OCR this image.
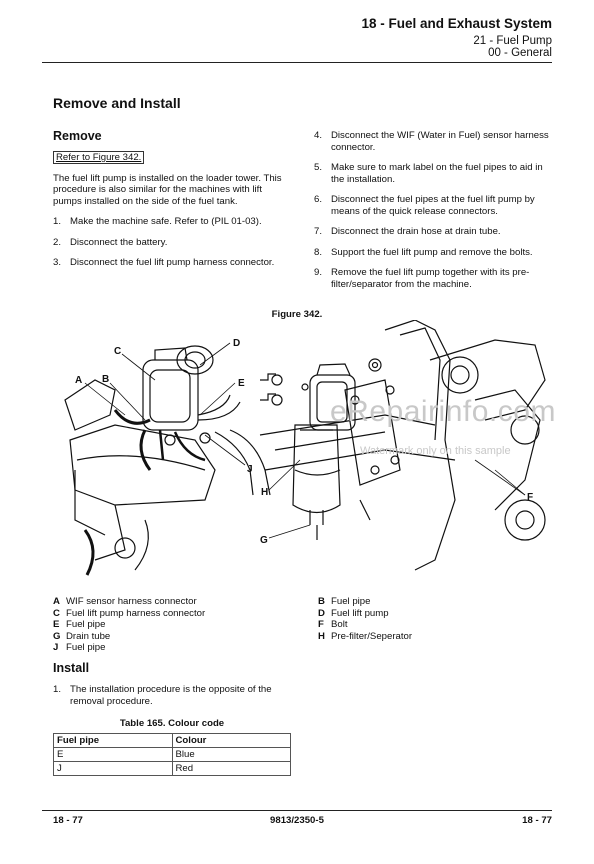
18 - Fuel and Exhaust System
21 - Fuel Pump
00 - General
Remove and Install
Remove
Refer to Figure 342.
The fuel lift pump is installed on the loader tower. This procedure is also similar for the machines with lift pumps installed on the side of the fuel tank.
1. Make the machine safe. Refer to (PIL 01-03).
2. Disconnect the battery.
3. Disconnect the fuel lift pump harness connector.
4. Disconnect the WIF (Water in Fuel) sensor harness connector.
5. Make sure to mark label on the fuel pipes to aid in the installation.
6. Disconnect the fuel pipes at the fuel lift pump by means of the quick release connectors.
7. Disconnect the drain hose at drain tube.
8. Support the fuel lift pump and remove the bolts.
9. Remove the fuel lift pump together with its pre-filter/separator from the machine.
Figure 342.
A B
C
D
E
J
H
G
F
eRepairinfo.com
Watermark only on this sample
A WIF sensor harness connector
C Fuel lift pump harness connector
E Fuel pipe
G Drain tube
J Fuel pipe
B Fuel pipe
D Fuel lift pump
F Bolt
H Pre-filter/Seperator
Install
1. The installation procedure is the opposite of the removal procedure.
Table 165. Colour code
Fuel pipe	Colour
E	Blue
J	Red
18 - 77	9813/2350-5	18 - 77
